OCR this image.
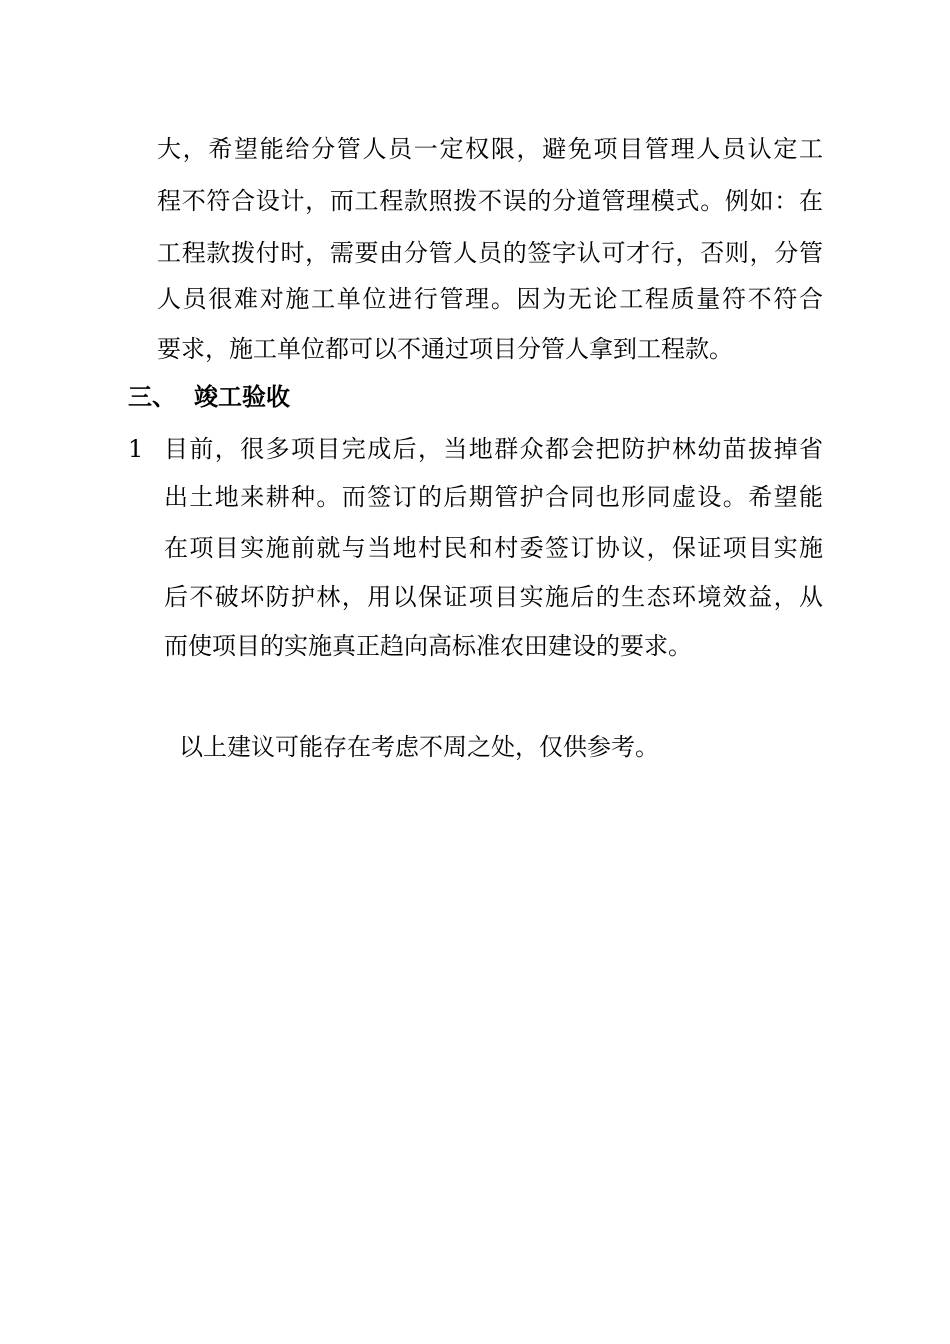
大，希望能给分管人员一定权限，避免项目管理人员认定工

程不符合设计，而工程款照拨不误的分道管理模式。例如：在

工程款拨付时，需要由分管人员的签字认可才行，否则，分管

人员很难对施工单位进行管理。因为无论工程质量符不符合

要求，施工单位都可以不通过项目分管人拿到工程款。

三、 竣工验收
1 目前，很多项目完成后，当地群众都会把防护林幼苗拔掉省

出土地来耕种。而签订的后期管护合同也形同虚设。希望能

在项目实施前就与当地村民和村委签订协议，保证项目实施

后不破坏防护林，用以保证项目实施后的生态环境效益，从

而使项目的实施真正趋向高标准农田建设的要求。

以上建议可能存在考虑不周之处，仅供参考。
